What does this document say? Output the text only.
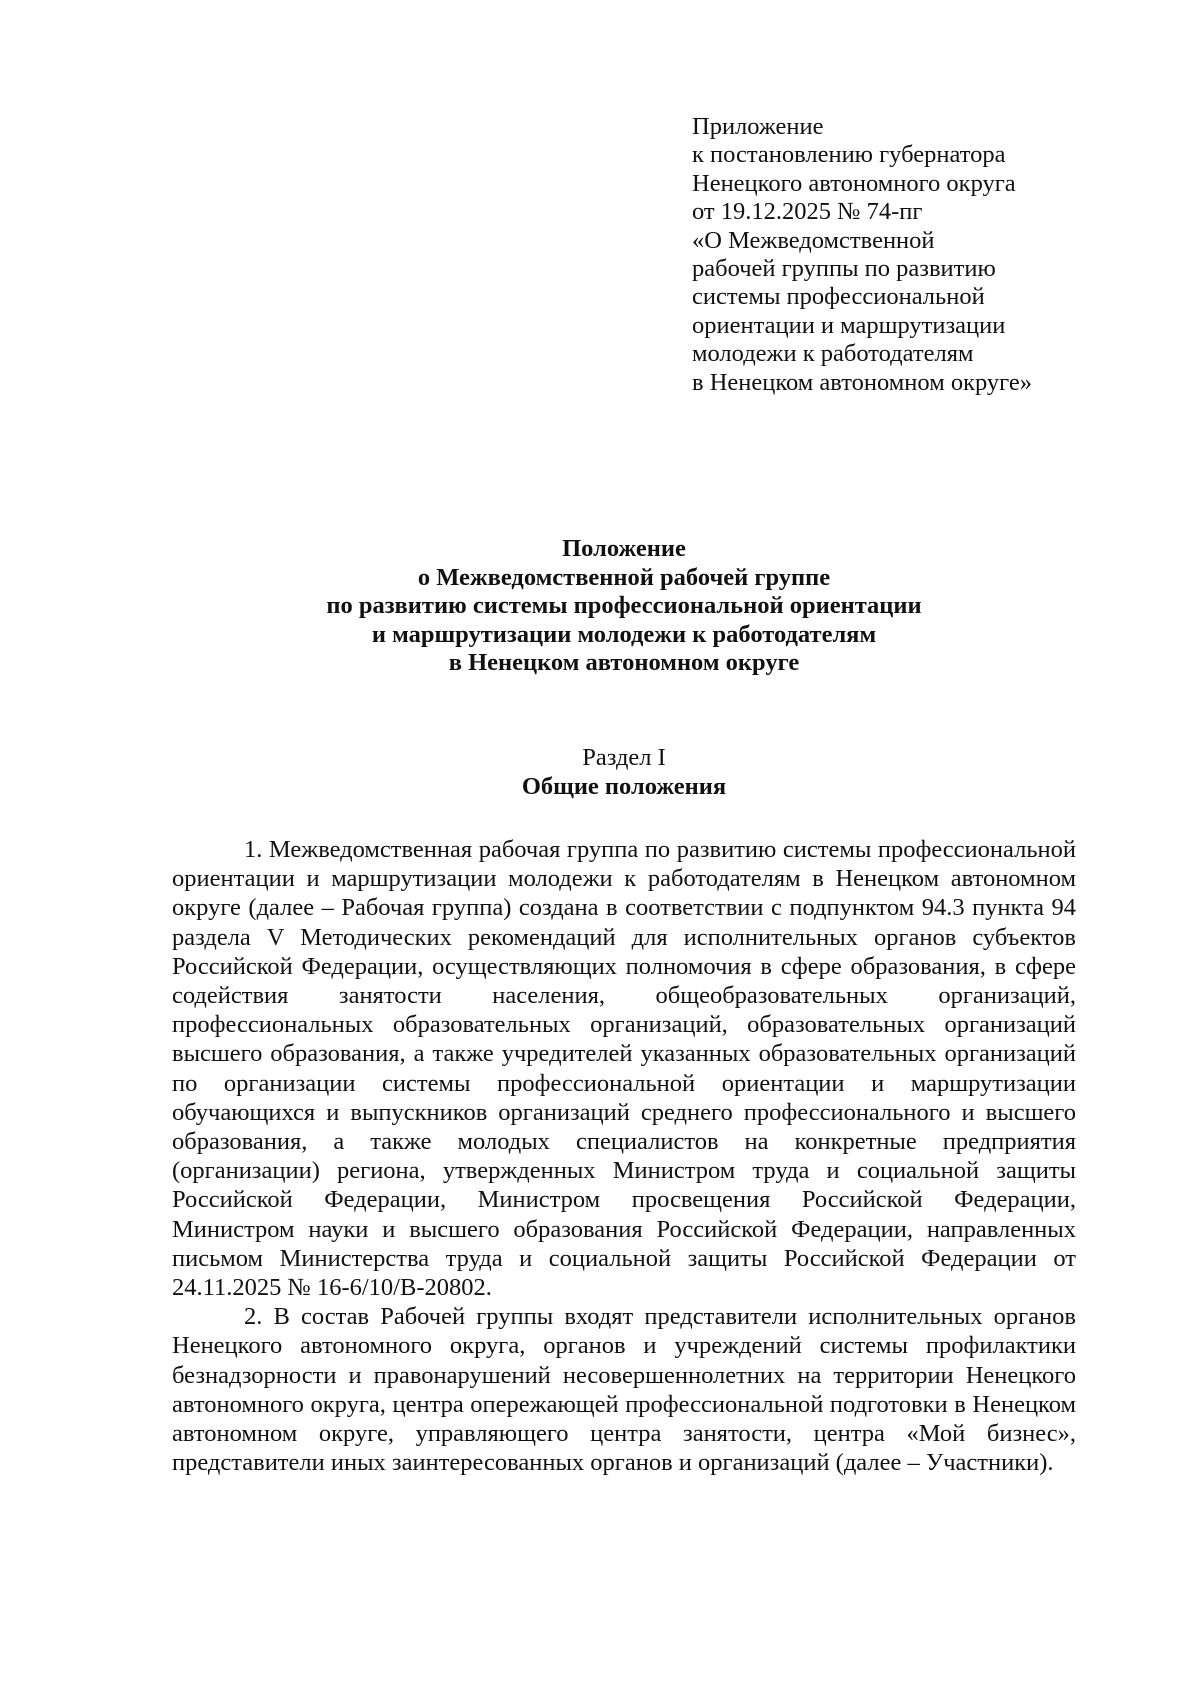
Приложение
к постановлению губернатора
Ненецкого автономного округа
от 19.12.2025 № 74-пг
«О Межведомственной
рабочей группы по развитию
системы профессиональной
ориентации и маршрутизации
молодежи к работодателям
в Ненецком автономном округе»
Положение
о Межведомственной рабочей группе
по развитию системы профессиональной ориентации
и маршрутизации молодежи к работодателям
в Ненецком автономном округе
Раздел I
Общие положения

1. Межведомственная рабочая группа по развитию системы профессиональной ориентации и маршрутизации молодежи к работодателям в Ненецком автономном округе (далее – Рабочая группа) создана в соответствии с подпунктом 94.3 пункта 94 раздела V Методических рекомендаций для исполнительных органов субъектов Российской Федерации, осуществляющих полномочия в сфере образования, в сфере содействия занятости населения, общеобразовательных организаций, профессиональных образовательных организаций, образовательных организаций высшего образования, а также учредителей указанных образовательных организаций по организации системы профессиональной ориентации и маршрутизации обучающихся и выпускников организаций среднего профессионального и высшего образования, а также молодых специалистов на конкретные предприятия (организации) региона, утвержденных Министром труда и социальной защиты Российской Федерации, Министром просвещения Российской Федерации, Министром науки и высшего образования Российской Федерации, направленных письмом Министерства труда и социальной защиты Российской Федерации от 24.11.2025 № 16-6/10/В-20802.

2. В состав Рабочей группы входят представители исполнительных органов Ненецкого автономного округа, органов и учреждений системы профилактики безнадзорности и правонарушений несовершеннолетних на территории Ненецкого автономного округа, центра опережающей профессиональной подготовки в Ненецком автономном округе, управляющего центра занятости, центра «Мой бизнес», представители иных заинтересованных органов и организаций (далее – Участники).
